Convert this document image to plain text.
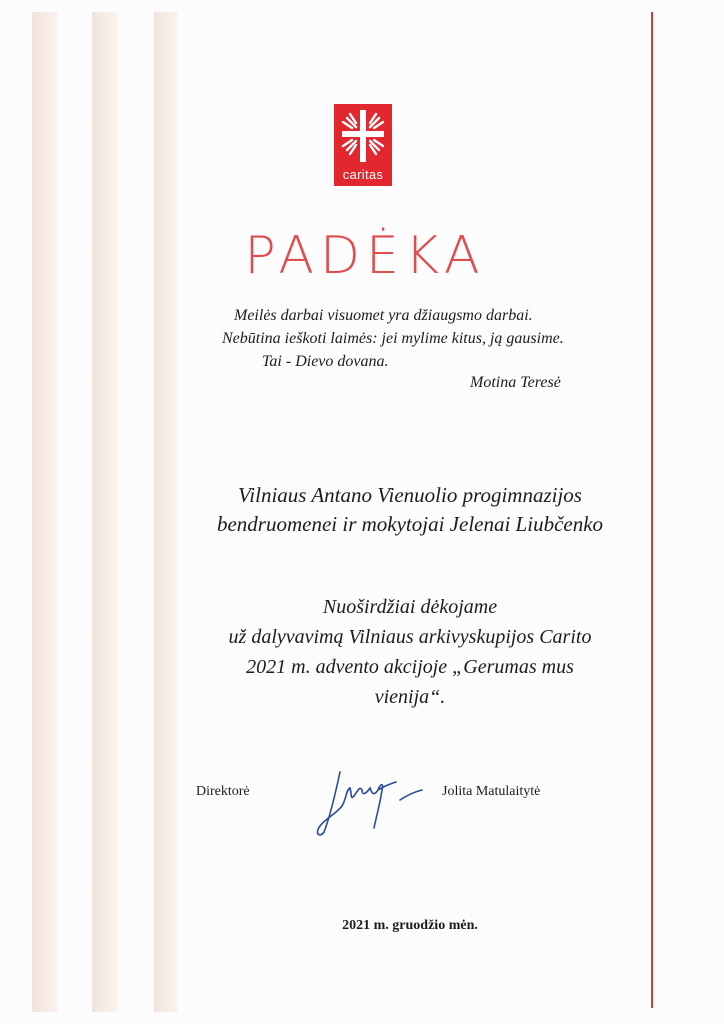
caritas
PADĖKA
Meilės darbai visuomet yra džiaugsmo darbai.
Nebūtina ieškoti laimės: jei mylime kitus, ją gausime.
Tai - Dievo dovana.
Motina Teresė
Vilniaus Antano Vienuolio progimnazijos
bendruomenei ir mokytojai Jelenai Liubčenko
Nuoširdžiai dėkojame
už dalyvavimą Vilniaus arkivyskupijos Carito
2021 m. advento akcijoje „Gerumas mus
vienija“.
Direktorė	Jolita Matulaitytė
2021 m. gruodžio mėn.
